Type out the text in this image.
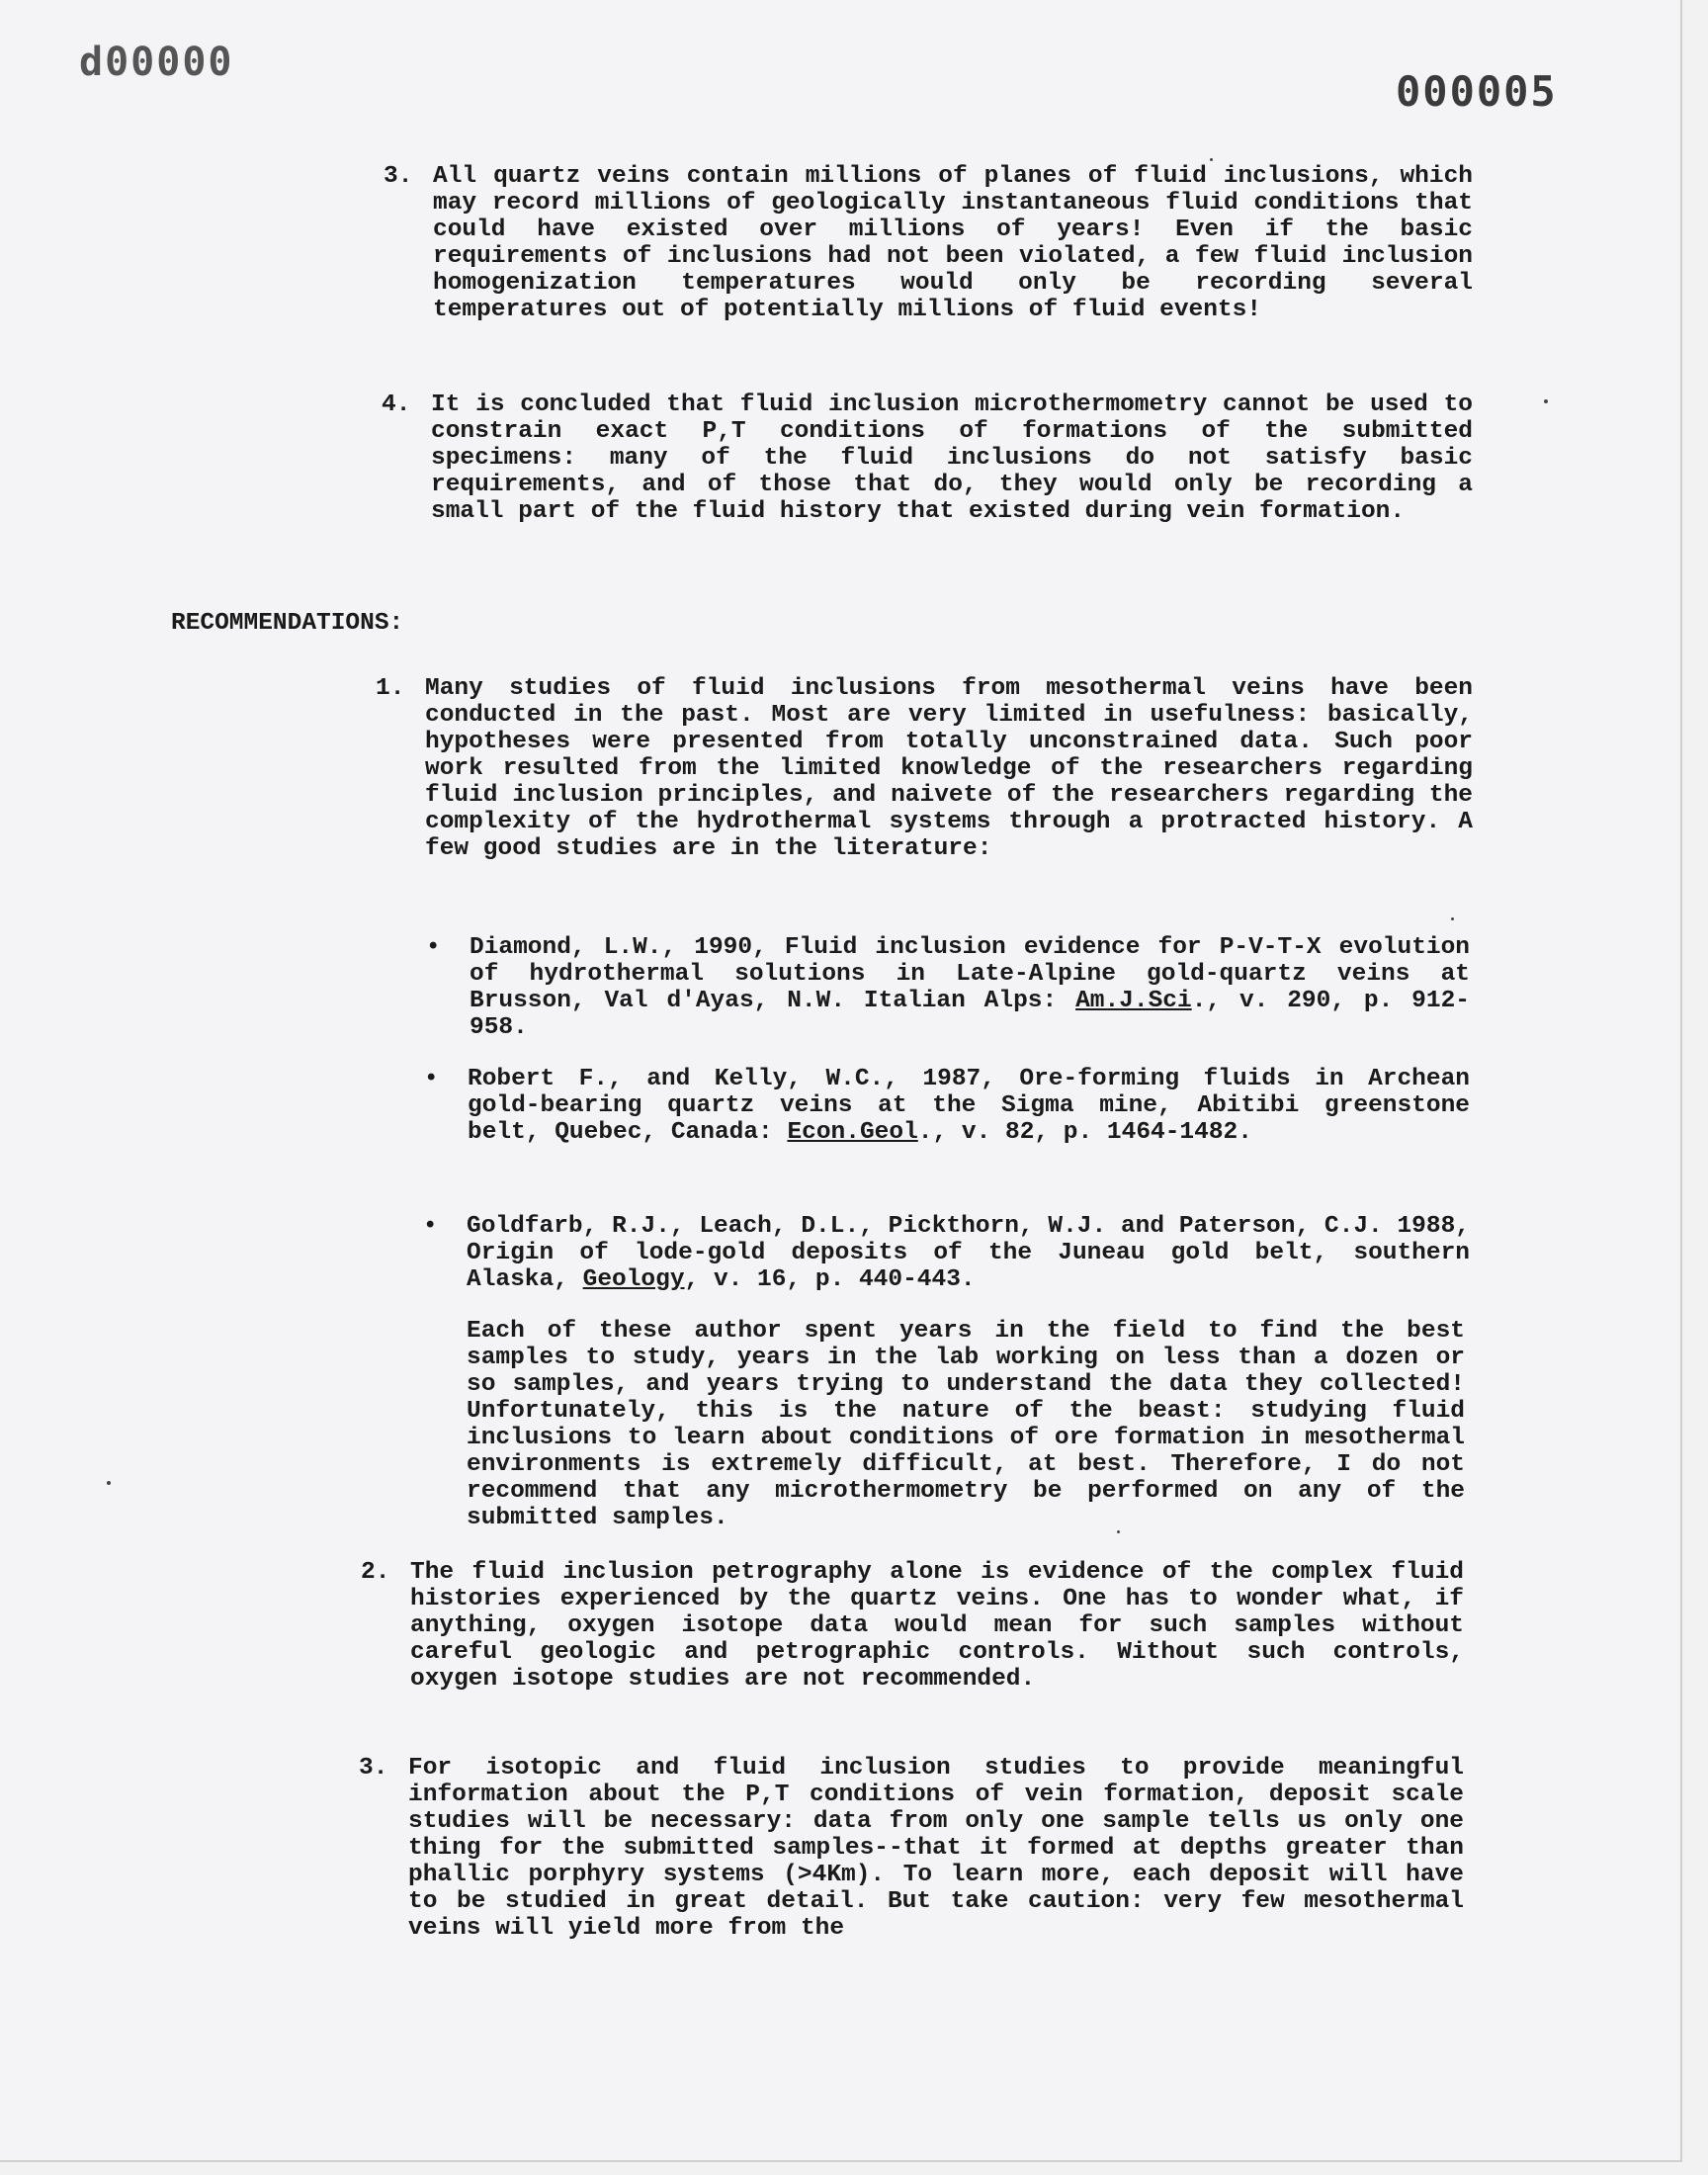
d00000
000005
3. All quartz veins contain millions of planes of fluid inclusions, which may record millions of geologically instantaneous fluid conditions that could have existed over millions of years! Even if the basic requirements of inclusions had not been violated, a few fluid inclusion homogenization temperatures would only be recording several temperatures out of potentially millions of fluid events!
4. It is concluded that fluid inclusion microthermometry cannot be used to constrain exact P,T conditions of formations of the submitted specimens: many of the fluid inclusions do not satisfy basic requirements, and of those that do, they would only be recording a small part of the fluid history that existed during vein formation.
RECOMMENDATIONS:
1. Many studies of fluid inclusions from mesothermal veins have been conducted in the past. Most are very limited in usefulness: basically, hypotheses were presented from totally unconstrained data. Such poor work resulted from the limited knowledge of the researchers regarding fluid inclusion principles, and naivete of the researchers regarding the complexity of the hydrothermal systems through a protracted history. A few good studies are in the literature:
• Diamond, L.W., 1990, Fluid inclusion evidence for P-V-T-X evolution of hydrothermal solutions in Late-Alpine gold-quartz veins at Brusson, Val d'Ayas, N.W. Italian Alps: Am.J.Sci., v. 290, p. 912-958.
• Robert F., and Kelly, W.C., 1987, Ore-forming fluids in Archean gold-bearing quartz veins at the Sigma mine, Abitibi greenstone belt, Quebec, Canada: Econ.Geol., v. 82, p. 1464-1482.
• Goldfarb, R.J., Leach, D.L., Pickthorn, W.J. and Paterson, C.J. 1988, Origin of lode-gold deposits of the Juneau gold belt, southern Alaska, Geology, v. 16, p. 440-443.
Each of these author spent years in the field to find the best samples to study, years in the lab working on less than a dozen or so samples, and years trying to understand the data they collected! Unfortunately, this is the nature of the beast: studying fluid inclusions to learn about conditions of ore formation in mesothermal environments is extremely difficult, at best. Therefore, I do not recommend that any microthermometry be performed on any of the submitted samples.
2. The fluid inclusion petrography alone is evidence of the complex fluid histories experienced by the quartz veins. One has to wonder what, if anything, oxygen isotope data would mean for such samples without careful geologic and petrographic controls. Without such controls, oxygen isotope studies are not recommended.
3. For isotopic and fluid inclusion studies to provide meaningful information about the P,T conditions of vein formation, deposit scale studies will be necessary: data from only one sample tells us only one thing for the submitted samples--that it formed at depths greater than phallic porphyry systems (>4Km). To learn more, each deposit will have to be studied in great detail. But take caution: very few mesothermal veins will yield more from the
